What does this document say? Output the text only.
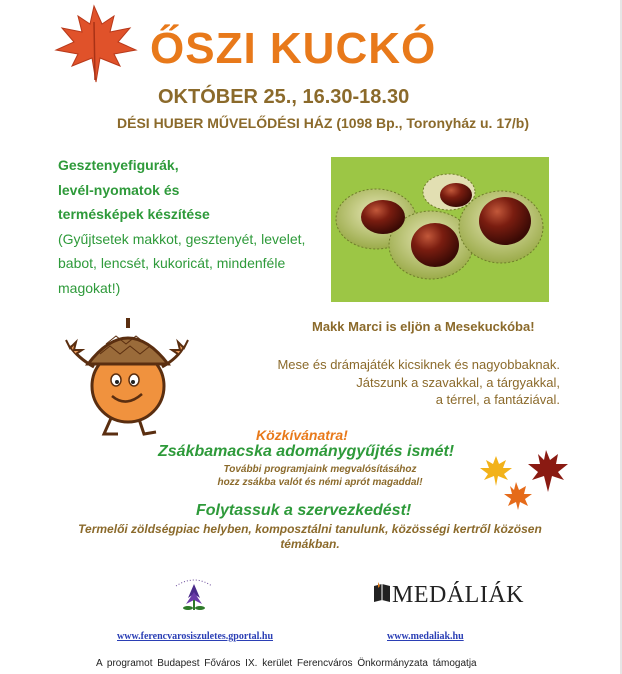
ŐSZI KUCKÓ
OKTÓBER 25., 16.30-18.30
DÉSI HUBER MŰVELŐDÉSI HÁZ (1098 Bp., Toronyház u. 17/b)
Gesztenyefigurák,
levél-nyomatok és
termésképek készítése
(Gyűjtsetek makkot, gesztenyét, levelet,
babot, lencsét, kukoricát, mindenféle
magokat!)
Makk Marci is eljön a Mesekuckóba!
Mese és drámajáték kicsiknek és nagyobbaknak.
Játszunk a szavakkal, a tárgyakkal,
a térrel, a fantáziával.
Közkívánatra!
Zsákbamacska adománygyűjtés ismét!
További programjaink megvalósításához
hozz zsákba valót és némi aprót magaddal!
Folytassuk a szervezkedést!
Termelői zöldségpiac helyben, komposztálni tanulunk, közösségi kertről közösen témákban.
MEDÁLIÁK
www.ferencvarosiszuletes.gportal.hu	www.medaliak.hu
A programot Budapest Főváros IX. kerület Ferencváros Önkormányzata támogatja
